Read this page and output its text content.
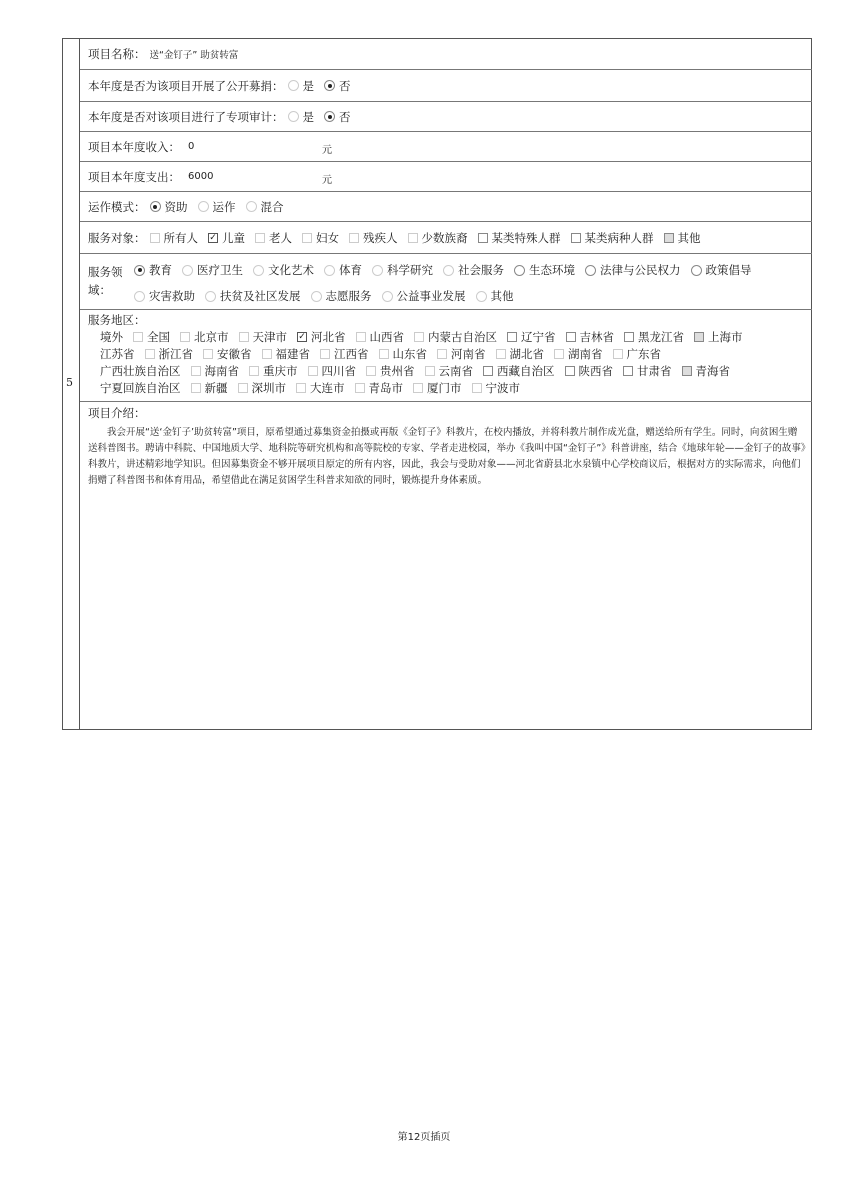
5
项目名称： 送“金钉子” 助贫转富
本年度是否为该项目开展了公开募捐： 是 否
本年度是否对该项目进行了专项审计： 是 否
项目本年度收入： 0	元
项目本年度支出： 6000	元
运作模式： 资助 运作 混合
服务对象： 所有人 ✓ 儿童 老人 妇女 残疾人 少数族裔 某类特殊人群 某类病种人群 其他
服务领
域：
教育 医疗卫生 文化艺术 体育 科学研究 社会服务 生态环境 法律与公民权力 政策倡导
灾害救助 扶贫及社区发展 志愿服务 公益事业发展 其他
服务地区：
境外 全国 北京市 天津市 ✓ 河北省 山西省 内蒙古自治区 辽宁省 吉林省 黑龙江省 上海市
江苏省 浙江省 安徽省 福建省 江西省 山东省 河南省 湖北省 湖南省 广东省
广西壮族自治区 海南省 重庆市 四川省 贵州省 云南省 西藏自治区 陕西省 甘肃省 青海省
宁夏回族自治区 新疆 深圳市 大连市 青岛市 厦门市 宁波市
项目介绍：
我会开展“送‘金钉子’助贫转富”项目，原希望通过募集资金拍摄或再版《金钉子》科教片，在校内播放，并将科教片制作成光盘，赠送给所有学生。同时，向贫困生赠送科普图书。聘请中科院、中国地质大学、地科院等研究机构和高等院校的专家、学者走进校园，举办《我叫中国“金钉子”》科普讲座，结合《地球年轮——金钉子的故事》科教片，讲述精彩地学知识。但因募集资金不够开展项目原定的所有内容，因此，我会与受助对象——河北省蔚县北水泉镇中心学校商议后，根据对方的实际需求，向他们捐赠了科普图书和体育用品，希望借此在满足贫困学生科普求知欲的同时，锻炼提升身体素质。
第12页插页
